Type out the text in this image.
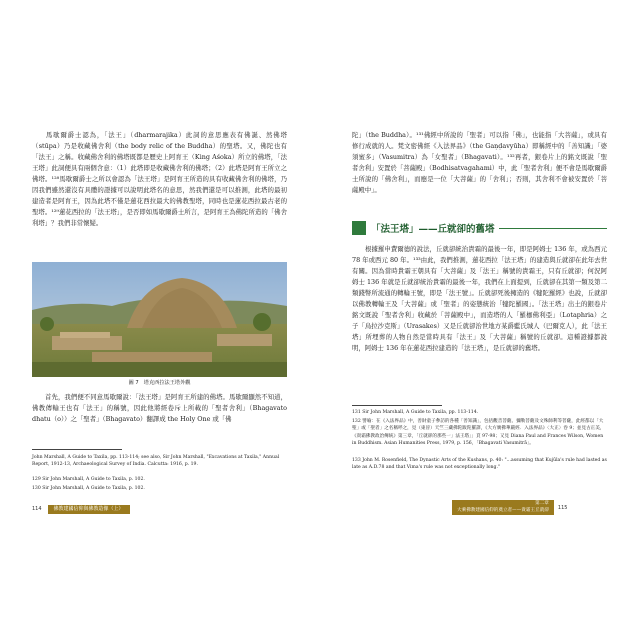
馬歇爾爵士認為，「法王」（dharmarajika）此詞的意思應表有佛誕、然佛塔（stūpa）乃是收藏佛舍利（the body relic of the Buddha）的聖塔。又，佛陀也有「法王」之稱。收藏佛舍利的佛塔既都是歷史上阿育王（King Aśoka）所立的佛塔，「法王塔」此詞便具有兩個含意：（1）此塔即是收藏佛舍利的佛塔；（2）此塔是阿育王所立之佛塔。¹²⁸馬歇爾爵士之所以會認為「法王塔」是阿育王所造的具有收藏佛舍利的佛塔，乃因我們雖然還沒有具體的證據可以說明此塔名的意思，然我們還是可以推測，此塔的最初建造者是阿育王，因為此塔不僅是蓮花西拉最大的佛教聖塔，同時也是蓮花西拉最古老的聖塔。¹²⁹蓮花西拉的「法王塔」，是否即如馬歇爾爵士所言，是阿育王為佛陀所造的「佛舍利塔」？我們非常懷疑。

圖 7　塔克西拉法王塔外觀

首先，我們便不同意馬歇爾說：「法王塔」是阿育王所建的佛塔。馬歇爾顯然不知道，佛教傳輸王也有「法王」的稱號，因此他將經卷斥上所載的「聖者舍利」（Bhagavato dhatu（o））之「聖者」（Bhagavato）翻譯成 the Holy One 或「佛

John Marshall, A Guide to Taxila, pp. 113-114; see also, Sir John Marshall, "Excavations at Taxila," Annual Report, 1912-13, Archaeological Survey of India. Calcutta: 1916, p. 19.

129 Sir John Marshall, A Guide to Taxila, p. 102.

130 Sir John Marshall, A Guide to Taxila, p. 102.

114	佛教建國信仰與佛教造像（上）

陀」（the Buddha）。¹³¹佛經中所說的「聖者」可以指「佛」，也能指「大菩薩」，或具有修行成就的人。梵文密佛經《入法界品》（the Gaṇḍavyūha）即稱經中的「善知識」「婆須蜜多」（Vasumitra）為「女聖者」（Bhagavati）。¹³²再者，銀卷片上的銘文既說「聖者舍利」安置於「菩薩殿」（Bodhisatvagahami）中，此「聖者舍利」便不會是馬歇爾爵士所說的「佛舍利」，而應是一位「大菩薩」的「舍利」；否則，其舍利不會被安置於「菩薩殿中」。

「法王塔」——丘就卻的舊塔

根據羅申費爾德的說法，丘就卻統治貴霜的最後一年，即是阿姆士 136 年，或為西元 78 年或西元 80 年。¹³³由此，我們推測，蓮花西拉「法王塔」的建造與丘就卻在此年去世有關。因為當時貴霜王朝具有「大菩薩」及「法王」稱號的貴霜王，只有丘就卻；何況阿姆士 136 年就是丘就卻統治貴霜的最後一年，我們在上面提到，丘就卻在其第一類及第二類錢幣所流通的轉輪王號，即是「法王號」。丘就卻死後擁造的《犍陀羅經》也說，丘就卻以佛教轉輪王及「大菩薩」或「聖者」的姿態統治「犍陀羅國」。「法王塔」出土的銀卷片銘文既說「聖者舍利」收藏於「菩薩殿中」，而造塔的人「羅枷佛利亞」（Lotaphria）之子「烏拉沙克斯」（Urasakes）又是丘就卻治世地方某爵藍氏城人（巴爾克人），此「法王塔」所埋葬的人物自然是當時具有「法王」及「大菩薩」稱號的丘就卻。這種證據都說明，阿姆士 136 年在蓮花西拉建造的「法王塔」，是丘就卻的舊塔。

131 Sir John Marshall, A Guide to Taxila, pp. 113-114.

132 譬喻：在《入法界品》中，善財童子參訪的各種「善知識」，包括觀音菩薩、彌勒菩薩及文殊師利等菩薩，此經都以「大聖」或「聖者」之名稱呼之，見（東晉）天竺三藏佛陀跋陀羅譯，《大方廣佛華嚴經．入法界品》〈大正〉卷 9；並見古正美，《貴霜佛教政治傳統》第三章，「丘就卻的那些一」法王塔」」頁 97-98；又見 Diana Paul and Frances Wilson, Women in Buddhism. Asian Humanities Press, 1979, p. 156，「Bhagavati Vasumitrā」。

133 John M. Rosenfield, The Dynastic Arts of the Kushans, p. 40: "...assuming that Kujūla's rule had lasted as late as A.D.78 and that Vima's rule was not exceptionally long."

第二章
大乘佛教建國信仰的奠立者——貴霜王丘就卻 115
